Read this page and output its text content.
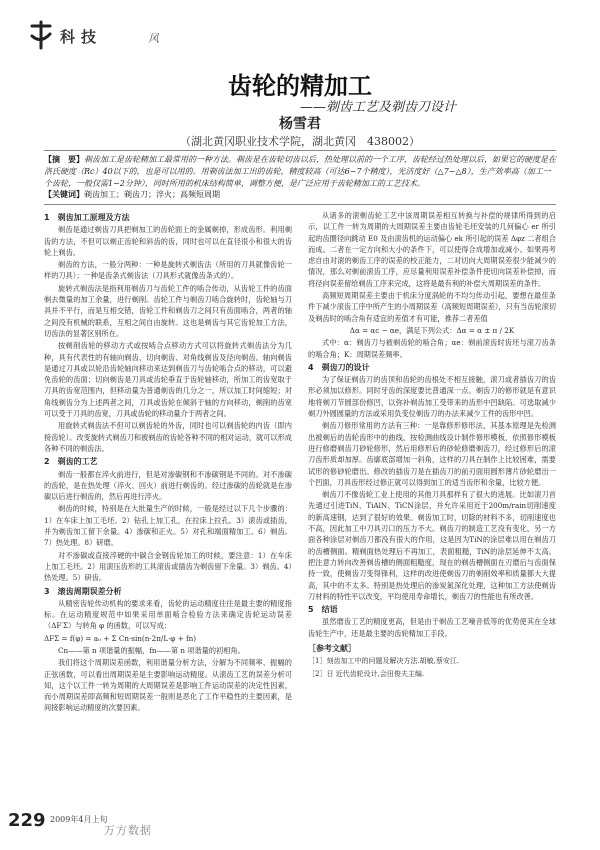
科技	风
齿轮的精加工
——剃齿工艺及剃齿刀设计
杨雪君
（湖北黄冈职业技术学院，湖北黄冈　438002）
【摘　要】剃齿加工是齿轮精加工最常用的一种方法。剃齿是在齿轮切齿以后，热处理以前的一个工序，齿轮经过热处理以后，如果它的硬度是在洛氏硬度（Rc）40以下的，也是可以用的。用剃齿法加工出的齿轮，精度较高（可达6~7个精度），光洁度好（△7~△8），生产效率高（加工一个齿轮，一般仅需1~2分钟），同时所用的机床结构简单，调整方便，是广泛应用于齿轮精加工的工艺技术。
【关键词】剃齿加工；剃齿刀；淬火；高频短周期
1　剃齿加工原理及方法

剃齿是通过剃齿刀具把剃加工的齿轮面上的金属剃掉，形成齿形。利用剃齿的方法，不但可以剃正齿轮和斜齿的齿，同时也可以在直径很小和很大的齿轮上剃齿。

剃齿的方法，一般分两种：一种是旋转式剃齿法（所用的刀具就像齿轮一样的刀具）；一种是齿条式剃齿法（刀具形式就像齿条式的）。

旋转式剃齿法是指利用剃齿刀与齿轮工件的啮合传动，从齿轮工件的齿面剃去微量的加工余量，进行剃削。齿轮工件与剃齿刀啮合旋转时，齿轮轴与刀具并不平行，而是互相交错，齿轮工件和剃齿刀之间只有齿面啮合，两者的轴之间没有机械的联系，互相之间自由旋转。这也是剃齿与其它齿轮加工方法，切齿法的显著区别所在。

按剃削齿轮的移动方式或按啮合点移动方式可以将旋转式剃齿法分为几种，具有代表性的有轴向剃齿、切向剃齿、对角线剃齿及径向剃齿。轴向剃齿是通过刀具或以轮沿齿轮轴向移动来达到剃齿刀与齿轮啮合点的移动，可以避免齿轮的齿面；切向剃齿是刀具或齿轮垂直于齿轮轴移动，所加工的齿宽取于刀具的齿宽范围内，但移动量为普通剃齿的几分之一，所以加工时间缩短；对角线剃齿分为上述两者之间，刀具或齿轮在倾斜于轴的方向移动，剃削的齿宽可以受于刀具的齿宽，刀具或齿轮的移动量介于两者之间。

用旋转式剃齿法不但可以剃齿轮的外齿，同时也可以剃齿轮的内齿（即内接齿轮）。改变旋转式剃齿刀和被剃齿的齿轮各种不同的相对运动，就可以形成各种不同的剃齿法。

2　剃齿的工艺

剃齿一般都在淬火前进行，但是对渗碳钢和不渗碳钢是不同的。对不渗碳的齿轮，是在热处理（淬火、回火）前进行剃齿的。经过渗碳的齿轮就是在渗碳以后进行剃齿的，然后再进行淬火。

剃齿的时候，特别是在大批量生产的时候，一般是经过以下几个步骤的：1）在车床上加工毛坯。2）钻孔上加工孔，在拉床上拉孔。3）滚齿或插齿，并为剃齿加工留下余量。4）渗碳和正火。5）对孔和端面精加工。6）剃齿。7）热处理。8）研磨。

对不渗碳或直接淬硬的中碳合金钢齿轮加工的时候，要注意：1）在车床上加工毛坯。2）用滚压齿形的工具滚齿或插齿为剃齿留下余量。3）剃齿。4）热处理。5）研齿。

3　滚齿周期误差分析

从精密齿轮传动机构的要求来看，齿轮的运动精度往往是最主要的精度指标。在运动精度规范中如果采用单面啮合检验方法来确定齿轮运动误差（ΔF′Σ）与转角 φ 的函数，可以写成：

ΔFΣ = f(φ) = a₀ + Σ Cn·sin(n·2π/L·φ + fn)

Cn——第 n 项谐量的振幅，fn——第 n 项谐量的初相角。

我们将这个周期误差函数，利用谐量分析方法，分解为不同频率、振幅的正弦函数，可以看出周期误差是主要影响运动精度。从滚齿工艺的误差分析可知，这个以工件一转为周期的大周期误差是影响工件运动误差的决定性因素，而小周期误差即高频和短周期误差一般则是恶化了工作平稳性的主要因素，是间接影响运动精度的次要因素。

从诸多的滚剃齿轮工艺中该周期误差相互转换与补偿的规律所得到的启示，以工件一转为周期的大周期误差主要由齿轮毛坯安装的几何偏心 er 所引起的齿圈径向跳动 E0 及由滚齿机的运动偏心 ek 所引起的误差 Δφz 二者组合而成。二者在一定方向和大小的条件下，可以使得合成增加或减小。如果再考虑自由对滚的剃齿工序的误差的校正能力，二对切向大周期误差很少能减少的情况，那么对剃前滚齿工序，应尽量利用误差补偿条件使切向误差补偿掉，而将径向误差留给剃齿工序来完成，这将是最有利的补偿大周期误差的条件。

高频短周期误差主要由于机床分度涡轮的不均匀传动引起，要想在最佳条件下减少滚齿工序中所产生的小周期误差（高频短周期误差），只有当齿轮滚切及剃齿时的啮合角有适宜的差值才有可能，推荐二者差值

Δα = αc − αe，满足下列公式：Δα = α ± π / 2K

式中：α：剃齿刀与被剃齿轮的啮合角；αe：剃前滚齿时齿坯与滚刀齿条的啮合角；K：周期误差频率。

4　剃齿刀的设计

为了保证剃齿刀的齿顶和齿轮的齿根处不相互接触，滚刀或者插齿刀的齿形必须加以修形。同时牙齿的深度要比普通深一点。剃齿刀的修形就是有意识地将剃刀节圆部份修凹，以弥补剃齿加工受带来的齿形中凹缺陷。可选取减少剃刀外圆圆量的方法或采用负变位剃齿刀的办法来减少工件的齿形中凹。

剃齿刀修形常用的方法有三种：一是靠修形修形法，其基本原理是先检测出被剃后的齿轮齿形中的曲线，按检测曲线设计制作修形模板，依照修形模板进行修磨剃齿刀砂轮修形，然后用修形后的砂轮修磨剃齿刀，经过修形后的滚刀齿形质却加厚。齿廓底部增加一斜角，这样的刀具在制作上比较困难，需要试形的修砂轮磨出。修改的插齿刀是在插齿刀的前刃面用圆形薄片砂轮磨出一个凹面，刀具齿形经过修正就可以得到加工的适当齿形和余量，比较方便。

剃齿刀不像齿轮工业上使用的其他刀具那样有了很大的进展。比如滚刀首先通过引进TiN、TiAlN、TiCN涂层，并允许采用近于200m/rain切削速度的新高速钢，达到了很好的效果。剃齿加工时，切除的材料不多，切削速度也不高，因此加工中刀具刃口的压力不大。剃齿刀的制造工艺没有变化，另一方面各种涂层对剃齿刀都没有很大的作用，这是因为TiN的涂层难以用在剃齿刀的齿槽侧面。精剃面热处理后不再加工，表面粗糙，TiN的涂层延伸不太高。把注意力转向改善剃齿槽的侧面粗糙度，现在的剃齿槽侧面在刃磨后与齿面保持一致，使剃齿刀变得锋利，这样的改进使剃齿刀的剃削效率和质量都大大提高，其中的不太多。特别是热处理后的渗炭氮深化处理，这种加工方法使剃齿刀材料的特性平以改变，平均使用寿命增长，剃齿刀的性能也有所改善。

5　结语

虽然磨齿工艺的精度更高，但是由于剃齿工艺噪音低等的优势使其在全球齿轮生产中，还是最主要的齿轮精加工手段。

［参考文献］

［1］刻齿加工中的问题及解决方法.胡敏,蔡安江.

［2］日 近代齿轮设计,会田俊夫主编.

229 2009年4月上旬
万方数据
